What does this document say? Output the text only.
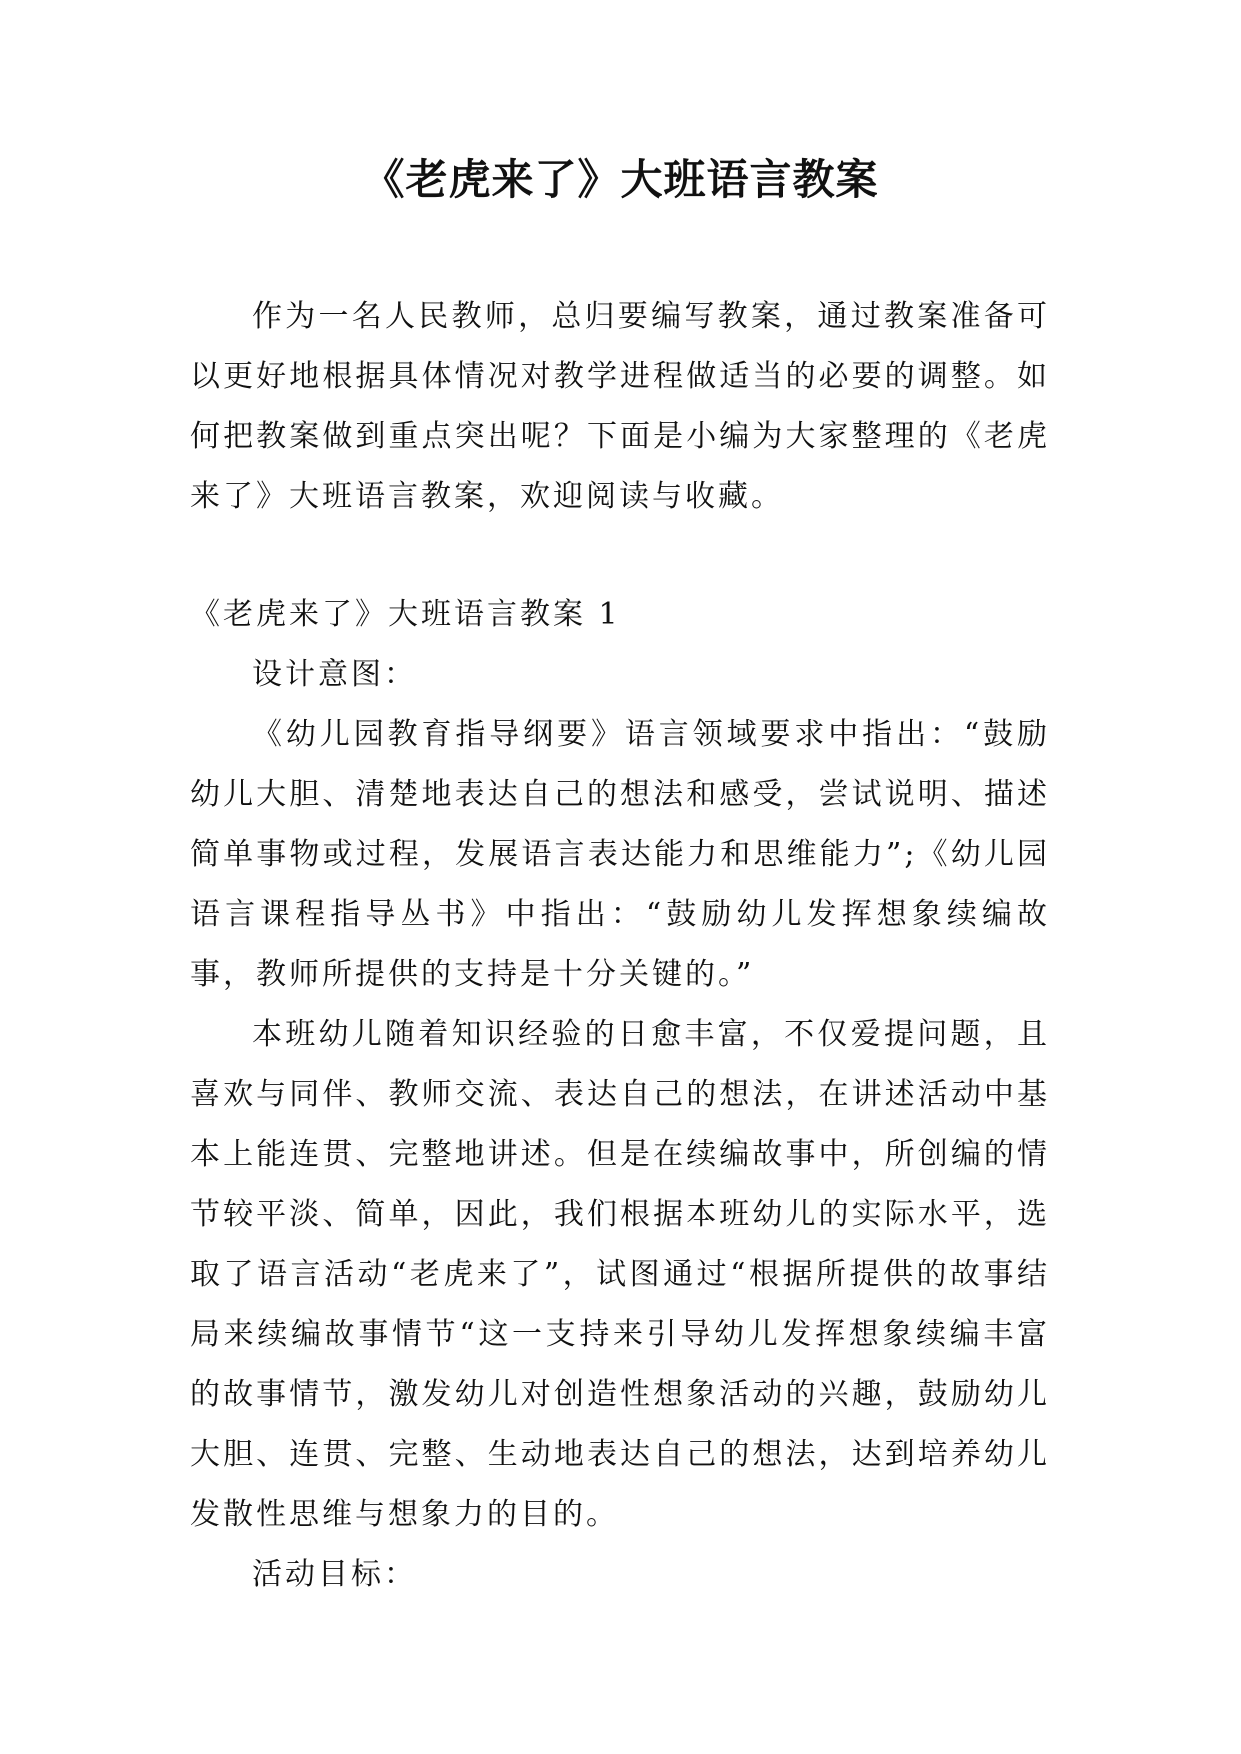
《老虎来了》大班语言教案

作为一名人民教师，总归要编写教案，通过教案准备可以更好地根据具体情况对教学进程做适当的必要的调整。如何把教案做到重点突出呢？下面是小编为大家整理的《老虎来了》大班语言教案，欢迎阅读与收藏。

《老虎来了》大班语言教案 1

设计意图：

《幼儿园教育指导纲要》语言领域要求中指出：“鼓励幼儿大胆、清楚地表达自己的想法和感受，尝试说明、描述简单事物或过程，发展语言表达能力和思维能力”;《幼儿园语言课程指导丛书》中指出：“鼓励幼儿发挥想象续编故事，教师所提供的支持是十分关键的。”

本班幼儿随着知识经验的日愈丰富，不仅爱提问题，且喜欢与同伴、教师交流、表达自己的想法，在讲述活动中基本上能连贯、完整地讲述。但是在续编故事中，所创编的情节较平淡、简单，因此，我们根据本班幼儿的实际水平，选取了语言活动“老虎来了”，试图通过“根据所提供的故事结局来续编故事情节“这一支持来引导幼儿发挥想象续编丰富的故事情节，激发幼儿对创造性想象活动的兴趣，鼓励幼儿大胆、连贯、完整、生动地表达自己的想法，达到培养幼儿发散性思维与想象力的目的。

活动目标：
